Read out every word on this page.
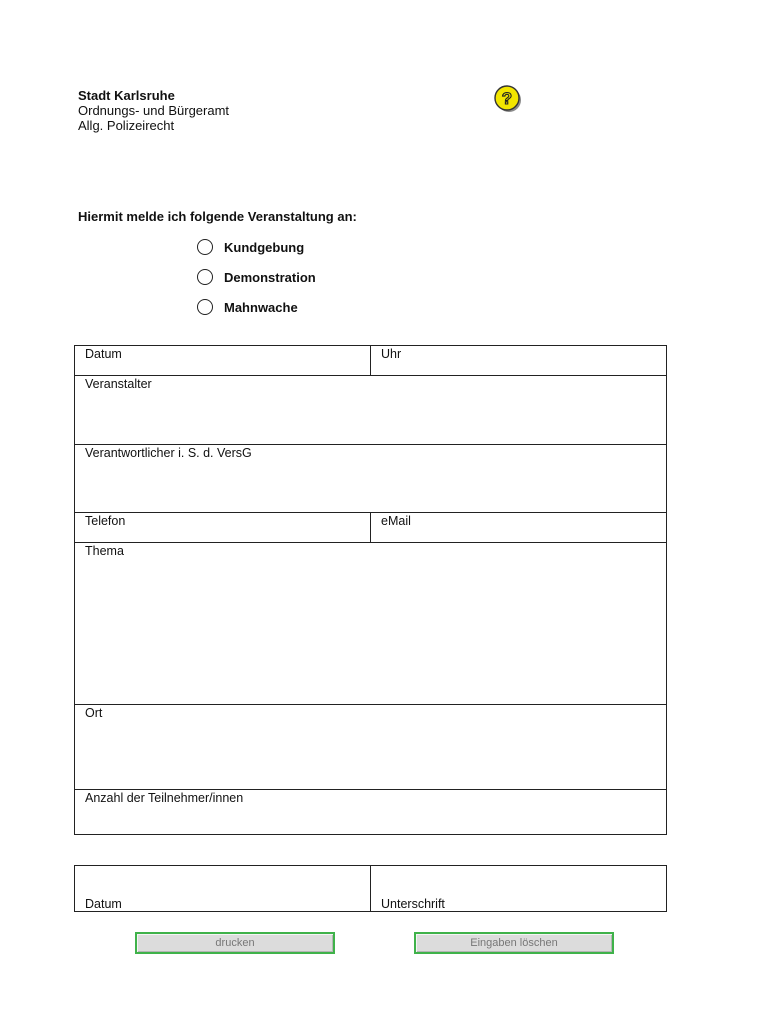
Stadt Karlsruhe
Ordnungs- und Bürgeramt
Allg. Polizeirecht
?
Hiermit melde ich folgende Veranstaltung an:
Kundgebung
Demonstration
Mahnwache
Datum	Uhr
Veranstalter
Verantwortlicher i. S. d. VersG
Telefon	eMail
Thema
Ort
Anzahl der Teilnehmer/innen
Datum	Unterschrift
drucken	Eingaben löschen
